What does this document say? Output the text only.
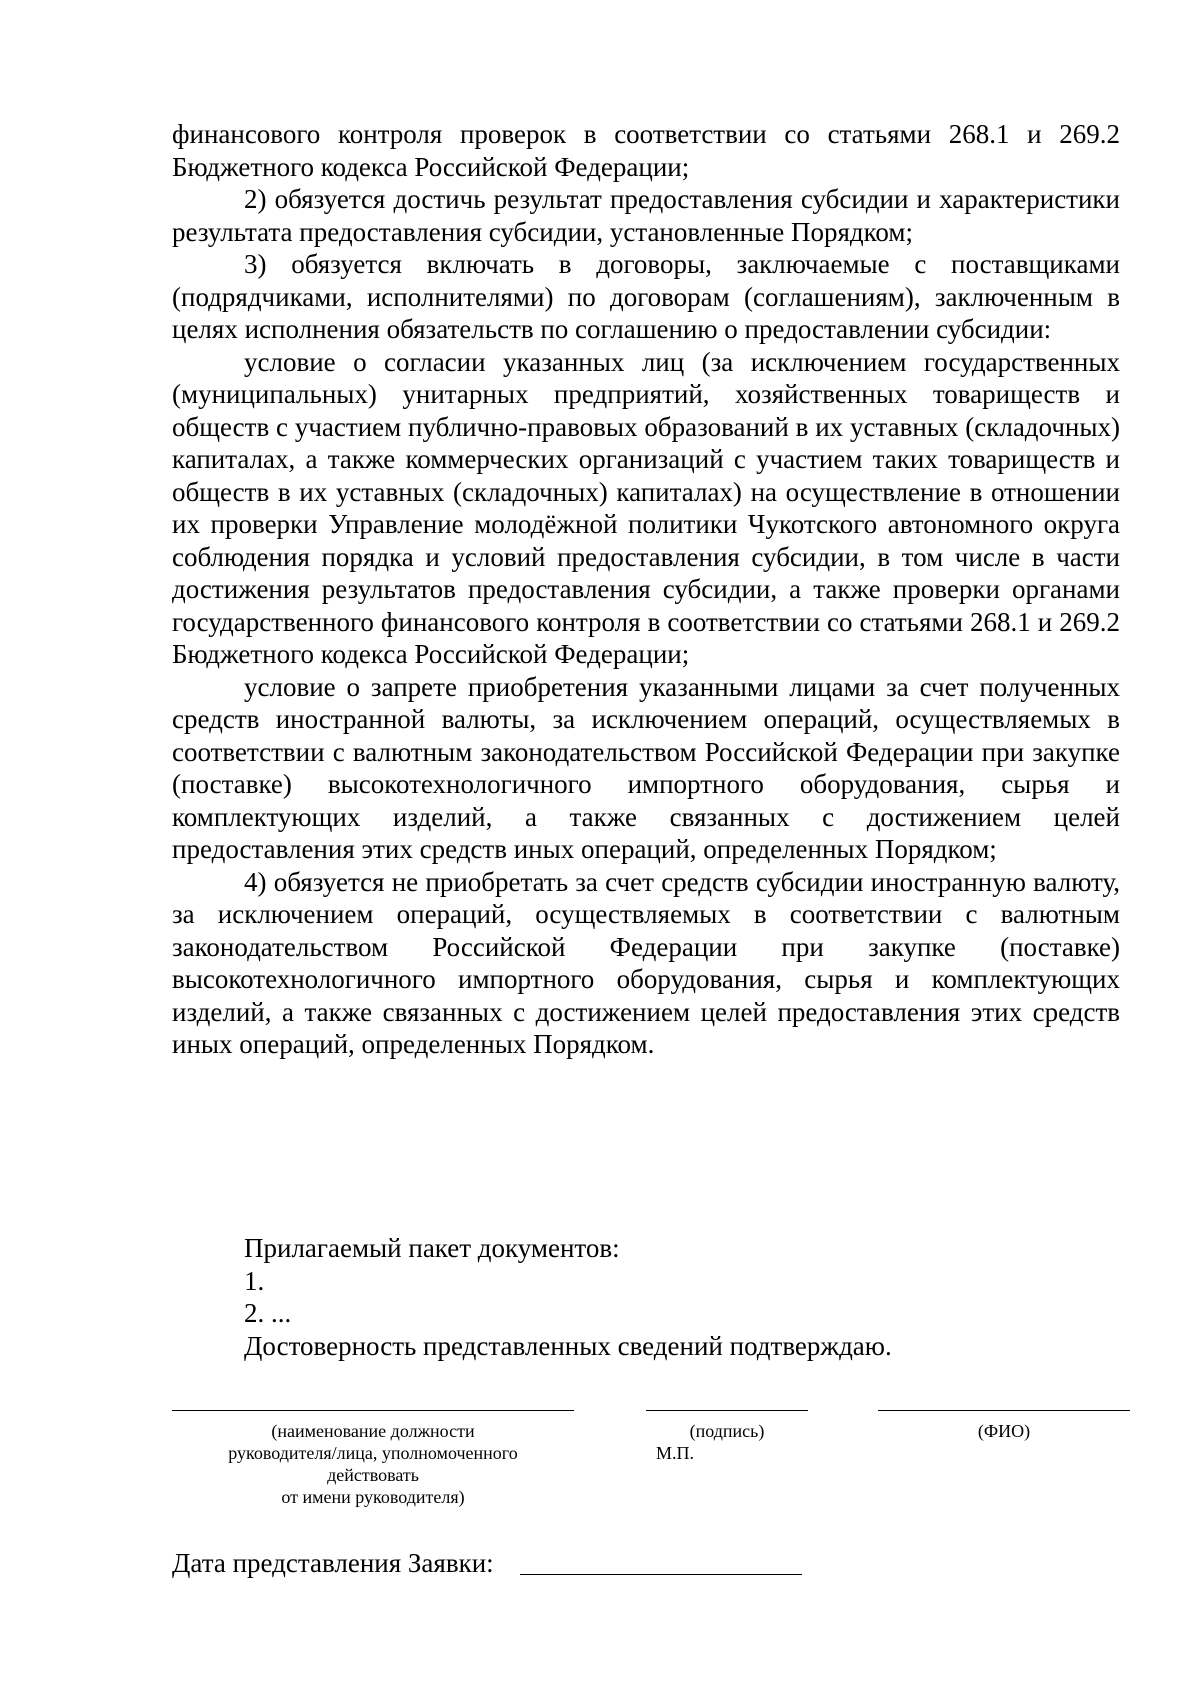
финансового контроля проверок в соответствии со статьями 268.1 и 269.2 Бюджетного кодекса Российской Федерации;

2) обязуется достичь результат предоставления субсидии и характеристики результата предоставления субсидии, установленные Порядком;

3) обязуется включать в договоры, заключаемые с поставщиками (подрядчиками, исполнителями) по договорам (соглашениям), заключенным в целях исполнения обязательств по соглашению о предоставлении субсидии:

условие о согласии указанных лиц (за исключением государственных (муниципальных) унитарных предприятий, хозяйственных товариществ и обществ с участием публично-правовых образований в их уставных (складочных) капиталах, а также коммерческих организаций с участием таких товариществ и обществ в их уставных (складочных) капиталах) на осуществление в отношении их проверки Управление молодёжной политики Чукотского автономного округа соблюдения порядка и условий предоставления субсидии, в том числе в части достижения результатов предоставления субсидии, а также проверки органами государственного финансового контроля в соответствии со статьями 268.1 и 269.2 Бюджетного кодекса Российской Федерации;

условие о запрете приобретения указанными лицами за счет полученных средств иностранной валюты, за исключением операций, осуществляемых в соответствии с валютным законодательством Российской Федерации при закупке (поставке) высокотехнологичного импортного оборудования, сырья и комплектующих изделий, а также связанных с достижением целей предоставления этих средств иных операций, определенных Порядком;

4) обязуется не приобретать за счет средств субсидии иностранную валюту, за исключением операций, осуществляемых в соответствии с валютным законодательством Российской Федерации при закупке (поставке) высокотехнологичного импортного оборудования, сырья и комплектующих изделий, а также связанных с достижением целей предоставления этих средств иных операций, определенных Порядком.

Прилагаемый пакет документов:
1.
2. ...
Достоверность представленных сведений подтверждаю.
(наименование должности
руководителя/лица, уполномоченного
действовать
от имени руководителя)
(подпись)
М.П.
(ФИО)
Дата представления Заявки:
